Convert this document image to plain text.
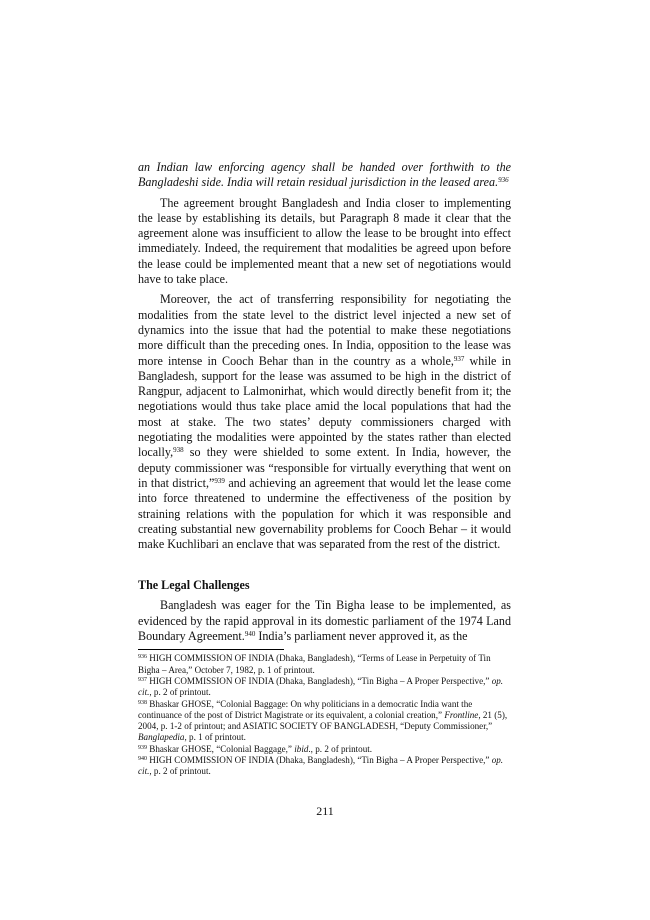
an Indian law enforcing agency shall be handed over forthwith to the Bangladeshi side. India will retain residual jurisdiction in the leased area.$^{936}$

The agreement brought Bangladesh and India closer to implementing the lease by establishing its details, but Paragraph 8 made it clear that the agreement alone was insufficient to allow the lease to be brought into effect immediately. Indeed, the requirement that modalities be agreed upon before the lease could be implemented meant that a new set of negotiations would have to take place.

Moreover, the act of transferring responsibility for negotiating the modalities from the state level to the district level injected a new set of dynamics into the issue that had the potential to make these negotiations more difficult than the preceding ones. In India, opposition to the lease was more intense in Cooch Behar than in the country as a whole,$^{937}$ while in Bangladesh, support for the lease was assumed to be high in the district of Rangpur, adjacent to Lalmonirhat, which would directly benefit from it; the negotiations would thus take place amid the local populations that had the most at stake. The two states’ deputy commissioners charged with negotiating the modalities were appointed by the states rather than elected locally,$^{938}$ so they were shielded to some extent. In India, however, the deputy commissioner was “responsible for virtually everything that went on in that district,”$^{939}$ and achieving an agreement that would let the lease come into force threatened to undermine the effectiveness of the position by straining relations with the population for which it was responsible and creating substantial new governability problems for Cooch Behar – it would make Kuchlibari an enclave that was separated from the rest of the district.

The Legal Challenges

Bangladesh was eager for the Tin Bigha lease to be implemented, as evidenced by the rapid approval in its domestic parliament of the 1974 Land Boundary Agreement.$^{940}$ India’s parliament never approved it, as the

$^{936}$ HIGH COMMISSION OF INDIA (Dhaka, Bangladesh), “Terms of Lease in Perpetuity of Tin Bigha – Area,” October 7, 1982, p. 1 of printout.

$^{937}$ HIGH COMMISSION OF INDIA (Dhaka, Bangladesh), “Tin Bigha – A Proper Perspective,” op. cit., p. 2 of printout.

$^{938}$ Bhaskar GHOSE, “Colonial Baggage: On why politicians in a democratic India want the continuance of the post of District Magistrate or its equivalent, a colonial creation,” Frontline, 21 (5), 2004, p. 1-2 of printout; and ASIATIC SOCIETY OF BANGLADESH, “Deputy Commissioner,” Banglapedia, p. 1 of printout.

$^{939}$ Bhaskar GHOSE, “Colonial Baggage,” ibid., p. 2 of printout.

$^{940}$ HIGH COMMISSION OF INDIA (Dhaka, Bangladesh), “Tin Bigha – A Proper Perspective,” op. cit., p. 2 of printout.

211
